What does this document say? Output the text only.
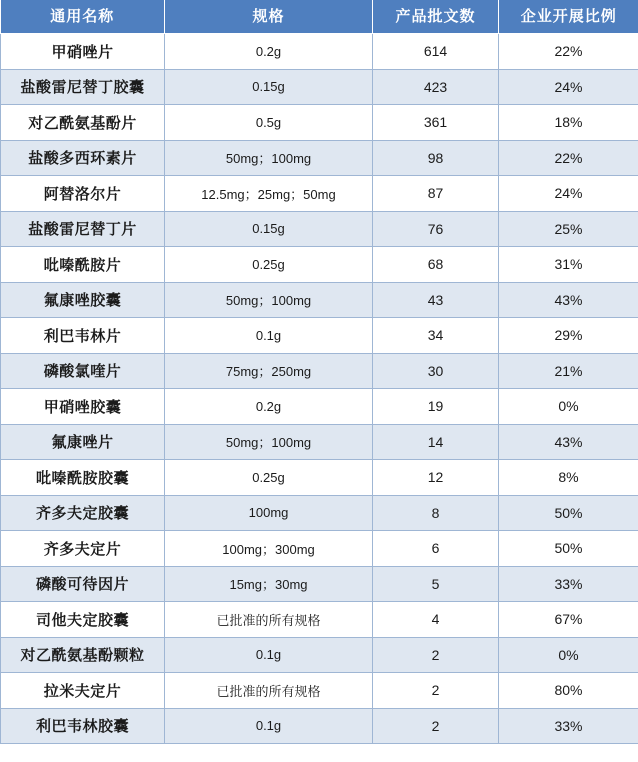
通用名称	规格	产品批文数	企业开展比例
甲硝唑片	0.2g	614	22%
盐酸雷尼替丁胶囊	0.15g	423	24%
对乙酰氨基酚片	0.5g	361	18%
盐酸多西环素片	50mg；100mg	98	22%
阿替洛尔片	12.5mg；25mg；50mg	87	24%
盐酸雷尼替丁片	0.15g	76	25%
吡嗪酰胺片	0.25g	68	31%
氟康唑胶囊	50mg；100mg	43	43%
利巴韦林片	0.1g	34	29%
磷酸氯喹片	75mg；250mg	30	21%
甲硝唑胶囊	0.2g	19	0%
氟康唑片	50mg；100mg	14	43%
吡嗪酰胺胶囊	0.25g	12	8%
齐多夫定胶囊	100mg	8	50%
齐多夫定片	100mg；300mg	6	50%
磷酸可待因片	15mg；30mg	5	33%
司他夫定胶囊	已批准的所有规格	4	67%
对乙酰氨基酚颗粒	0.1g	2	0%
拉米夫定片	已批准的所有规格	2	80%
利巴韦林胶囊	0.1g	2	33%
